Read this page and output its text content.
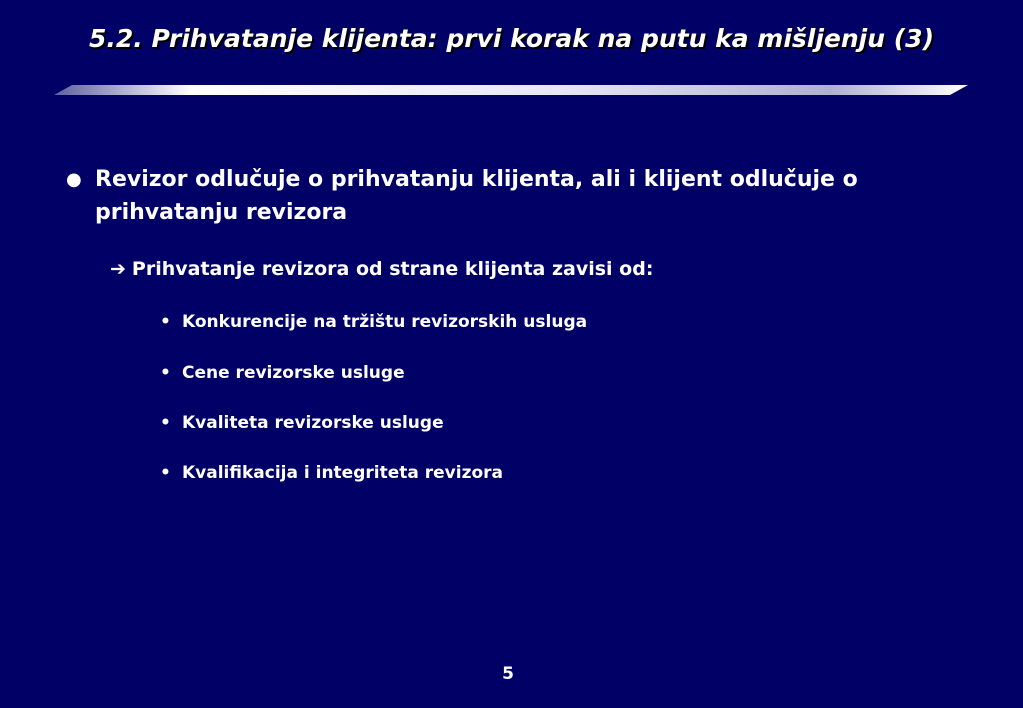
5.2. Prihvatanje klijenta: prvi korak na putu ka mišljenju (3)
● Revizor odlučuje o prihvatanju klijenta, ali i klijent odlučuje o prihvatanju revizora
➔ Prihvatanje revizora od strane klijenta zavisi od:
• Konkurencije na tržištu revizorskih usluga
• Cene revizorske usluge
• Kvaliteta revizorske usluge
• Kvalifikacija i integriteta revizora
5
